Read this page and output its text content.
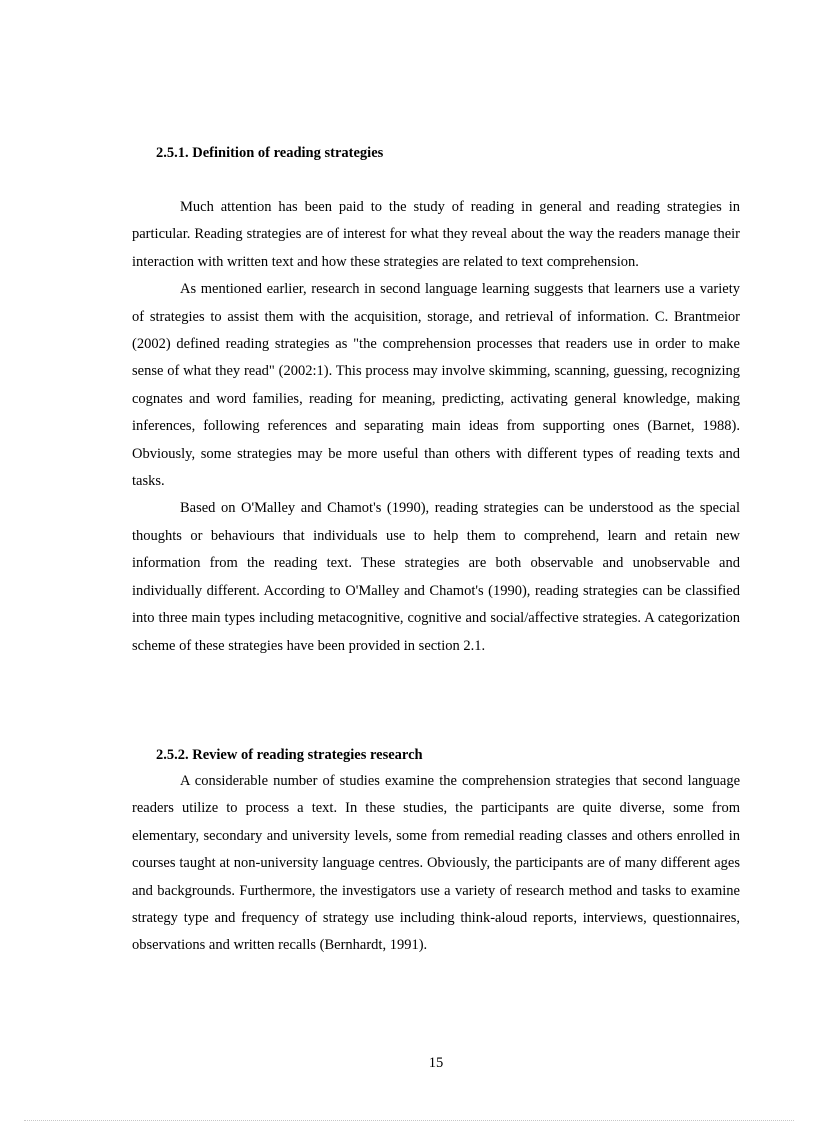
2.5.1. Definition of reading strategies

Much attention has been paid to the study of reading in general and reading strategies in particular. Reading strategies are of interest for what they reveal about the way the readers manage their interaction with written text and how these strategies are related to text comprehension.

As mentioned earlier, research in second language learning suggests that learners use a variety of strategies to assist them with the acquisition, storage, and retrieval of information. C. Brantmeior (2002) defined reading strategies as "the comprehension processes that readers use in order to make sense of what they read" (2002:1). This process may involve skimming, scanning, guessing, recognizing cognates and word families, reading for meaning, predicting, activating general knowledge, making inferences, following references and separating main ideas from supporting ones (Barnet, 1988). Obviously, some strategies may be more useful than others with different types of reading texts and tasks.

Based on O'Malley and Chamot's (1990), reading strategies can be understood as the special thoughts or behaviours that individuals use to help them to comprehend, learn and retain new information from the reading text. These strategies are both observable and unobservable and individually different. According to O'Malley and Chamot's (1990), reading strategies can be classified into three main types including metacognitive, cognitive and social/affective strategies. A categorization scheme of these strategies have been provided in section 2.1.

2.5.2. Review of reading strategies research

A considerable number of studies examine the comprehension strategies that second language readers utilize to process a text. In these studies, the participants are quite diverse, some from elementary, secondary and university levels, some from remedial reading classes and others enrolled in courses taught at non-university language centres. Obviously, the participants are of many different ages and backgrounds. Furthermore, the investigators use a variety of research method and tasks to examine strategy type and frequency of strategy use including think-aloud reports, interviews, questionnaires, observations and written recalls (Bernhardt, 1991).

15
